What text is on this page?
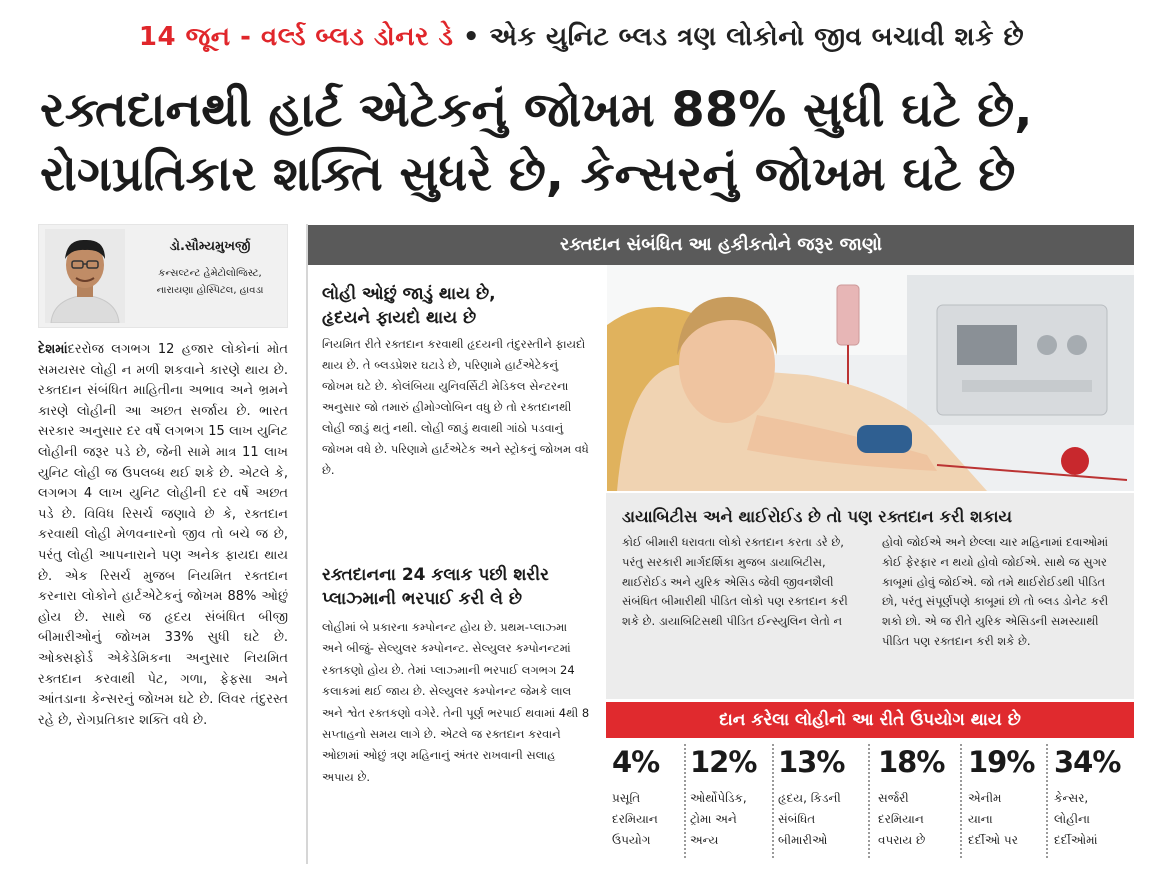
14 જૂન - વર્લ્ડ બ્લડ ડોનર ડે • એક યુનિટ બ્લડ ત્રણ લોકોનો જીવ બચાવી શકે છે
રક્તદાનથી હાર્ટ એટેકનું જોખમ 88% સુધી ઘટે છે,
રોગપ્રતિકાર શક્તિ સુધરે છે, કેન્સરનું જોખમ ઘટે છે
ડો.સૌમ્યમુખર્જી
કન્સલ્ટન્ટ હેમેટોલોજિસ્ટ,
નારાયણા હોસ્પિટલ, હાવડા
દેશમાંદરરોજ લગભગ 12 હજાર લોકોનાં મોત સમયસર લોહી ન મળી શકવાને કારણે થાય છે. રક્તદાન સંબંધિત માહિતીના અભાવ અને ભ્રમને કારણે લોહીની આ અછત સર્જાય છે. ભારત સરકાર અનુસાર દર વર્ષે લગભગ 15 લાખ યુનિટ લોહીની જરૂર પડે છે, જેની સામે માત્ર 11 લાખ યુનિટ લોહી જ ઉપલબ્ધ થઈ શકે છે. એટલે કે, લગભગ 4 લાખ યુનિટ લોહીની દર વર્ષે અછત પડે છે. વિવિધ રિસર્ચ જણાવે છે કે, રક્તદાન કરવાથી લોહી મેળવનારનો જીવ તો બચે જ છે, પરંતુ લોહી આપનારાને પણ અનેક ફાયદા થાય છે. એક રિસર્ચ મુજબ નિયમિત રક્તદાન કરનારા લોકોને હાર્ટએટેકનું જોખમ 88% ઓછું હોય છે. સાથે જ હૃદય સંબંધિત બીજી બીમારીઓનું જોખમ 33% સુધી ઘટે છે. ઓક્સફોર્ડ એકેડેમિકના અનુસાર નિયમિત રક્તદાન કરવાથી પેટ, ગળા, ફેફસા અને આંતડાના કેન્સરનું જોખમ ઘટે છે. લિવર તંદુરસ્ત રહે છે, રોગપ્રતિકાર શક્તિ વધે છે.
રક્તદાન સંબંધિત આ હકીકતોને જરૂર જાણો
લોહી ઓછું જાડું થાય છે,
હૃદયને ફાયદો થાય છે

નિયમિત રીતે રક્તદાન કરવાથી હૃદયની તંદુરસ્તીને ફાયદો થાય છે. તે બ્લડપ્રેશર ઘટાડે છે, પરિણામે હાર્ટએટેકનું જોખમ ઘટે છે. કોલંબિયા યુનિવર્સિટી મેડિકલ સેન્ટરના અનુસાર જો તમારું હીમોગ્લોબિન વધુ છે તો રક્તદાનથી લોહી જાડું થતું નથી. લોહી જાડું થવાથી ગાંઠો પડવાનું જોખમ વધે છે. પરિણામે હાર્ટએટેક અને સ્ટ્રોકનું જોખમ વધે છે.

રક્તદાનના 24 કલાક પછી શરીર
પ્લાઝ્માની ભરપાઈ કરી લે છે

લોહીમાં બે પ્રકારના કમ્પોનન્ટ હોય છે. પ્રથમ-પ્લાઝ્મા અને બીજું- સેલ્યુલર કમ્પોનન્ટ. સેલ્યુલર કમ્પોનન્ટમાં રક્તકણો હોય છે. તેમાં પ્લાઝ્માની ભરપાઈ લગભગ 24 કલાકમાં થઈ જાય છે. સેલ્યુલર કમ્પોનન્ટ જેમકે લાલ અને શ્વેત રક્તકણો વગેરે. તેની પૂર્ણ ભરપાઈ થવામાં 4થી 8 સપ્તાહનો સમય લાગે છે. એટલે જ રક્તદાન કરવાને ઓછામાં ઓછું ત્રણ મહિનાનું અંતર રાખવાની સલાહ અપાય છે.

ડાયાબિટીસ અને થાઈરોઈડ છે તો પણ રક્તદાન કરી શકાય
કોઈ બીમારી ધરાવતા લોકો રક્તદાન કરતા ડરે છે, પરંતુ સરકારી માર્ગદર્શિકા મુજબ ડાયાબિટીસ, થાઈરોઈડ અને યુરિક એસિડ જેવી જીવનશૈલી સંબંધિત બીમારીથી પીડિત લોકો પણ રક્તદાન કરી શકે છે. ડાયાબિટિસથી પીડિત ઈન્સ્યુલિન લેતો ન
હોવો જોઈએ અને છેલ્લા ચાર મહિનામાં દવાઓમાં કોઈ ફેરફાર ન થયો હોવો જોઈએ. સાથે જ સુગર કાબૂમાં હોવું જોઈએ. જો તમે થાઈરોઈડથી પીડિત છો, પરંતુ સંપૂર્ણપણે કાબૂમાં છો તો બ્લડ ડોનેટ કરી શકો છો. એ જ રીતે યુરિક એસિડની સમસ્યાથી પીડિત પણ રક્તદાન કરી શકે છે.
દાન કરેલા લોહીનો આ રીતે ઉપયોગ થાય છે
4%
પ્રસૂતિ
દરમિયાન
ઉપયોગ
12%
ઓર્થોપેડિક,
ટ્રોમા અને
અન્ય
13%
હૃદય, કિડની
સંબંધિત
બીમારીઓ
18%
સર્જરી
દરમિયાન
વપરાય છે
19%
એનીમ
યાના
દર્દીઓ પર
34%
કેન્સર,
લોહીના
દર્દીઓમાં
